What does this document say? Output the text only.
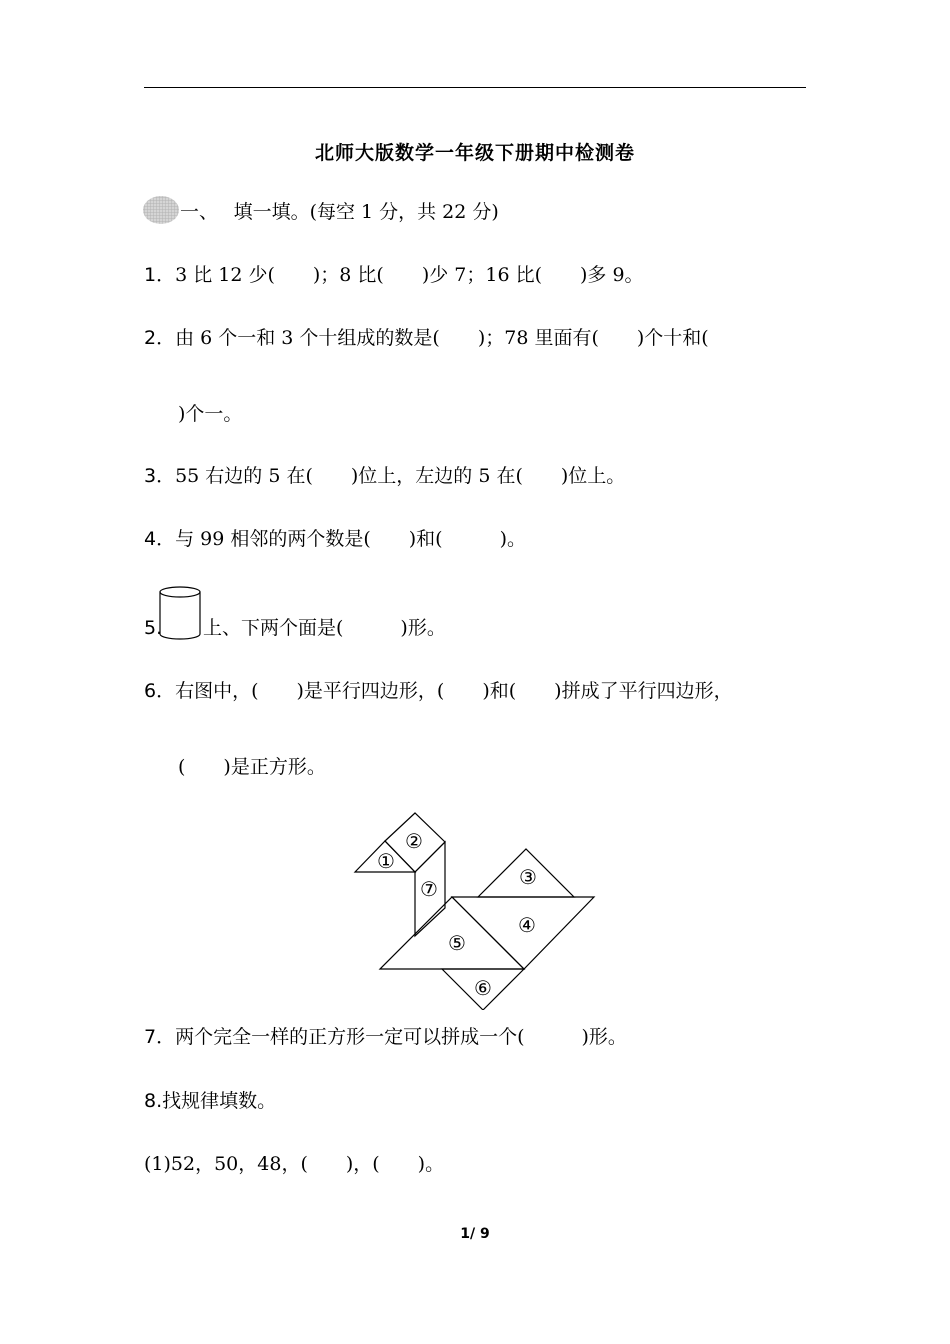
北师大版数学一年级下册期中检测卷
一、　 填一填。(每空 1 分，共 22 分)
1．3 比 12 少(　　)；8 比(　　)少 7；16 比(　　)多 9。
2．由 6 个一和 3 个十组成的数是(　　)；78 里面有(　　)个十和(
)个一。
3．55 右边的 5 在(　　)位上，左边的 5 在(　　)位上。
4．与 99 相邻的两个数是(　　)和(　　　)。
5. 上、下两个面是(　　　)形。
6．右图中，(　　)是平行四边形，(　　)和(　　)拼成了平行四边形，
(　　)是正方形。
①
②
③
④
⑤
⑥
⑦
7．两个完全一样的正方形一定可以拼成一个(　　　)形。
8.找规律填数。
(1)52，50，48，(　　)，(　　)。
1/ 9
